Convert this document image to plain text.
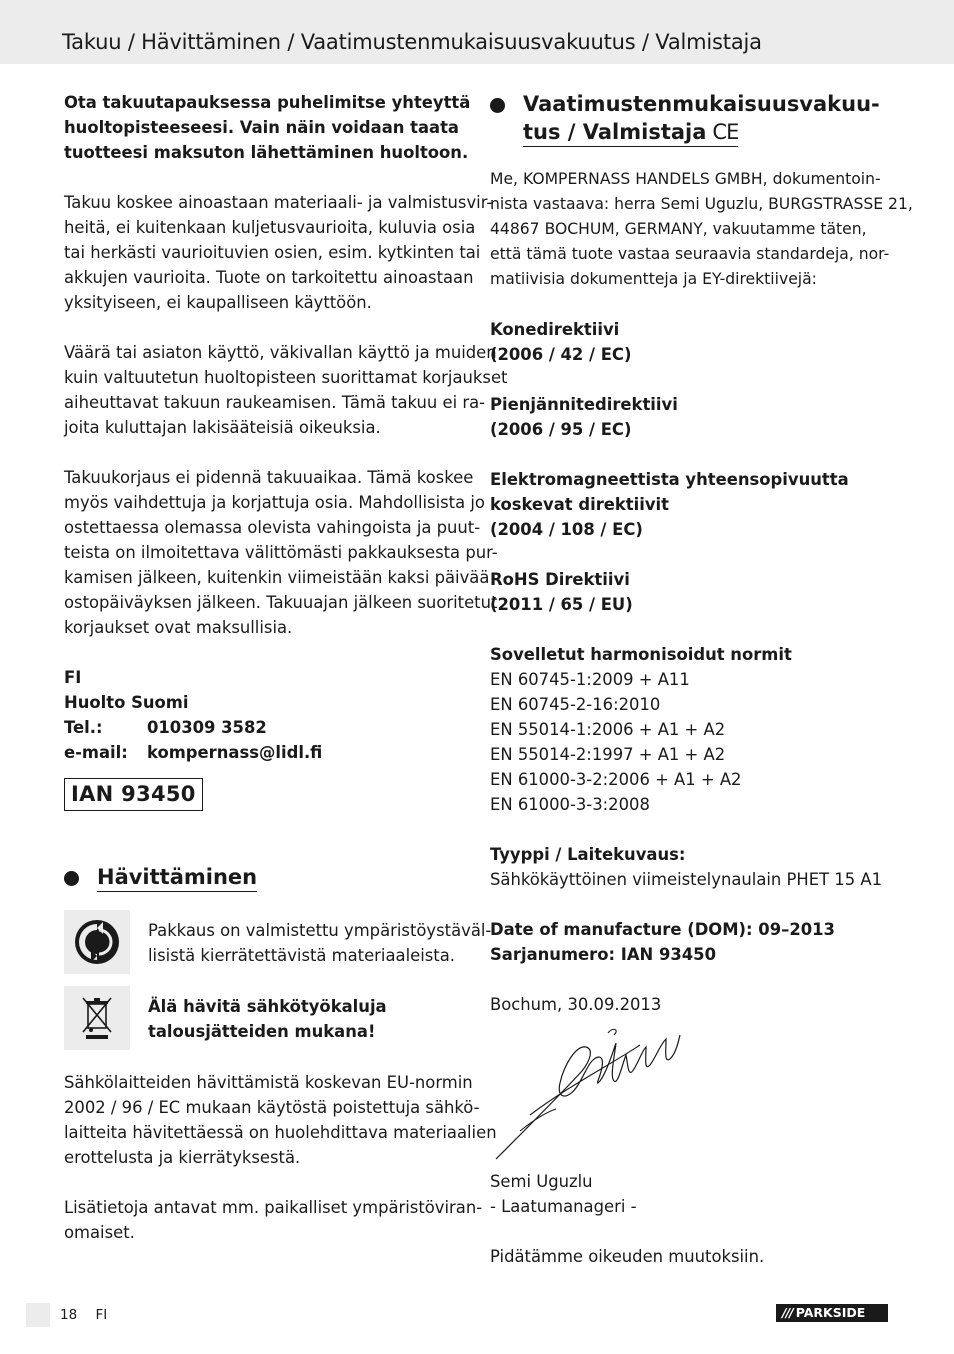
Takuu / Hävittäminen / Vaatimustenmukaisuusvakuutus / Valmistaja
Ota takuutapauksessa puhelimitse yhteyttä
huoltopisteeseesi. Vain näin voidaan taata
tuotteesi maksuton lähettäminen huoltoon.
Takuu koskee ainoastaan materiaali- ja valmistusvir-
heitä, ei kuitenkaan kuljetusvaurioita, kuluvia osia
tai herkästi vaurioituvien osien, esim. kytkinten tai
akkujen vaurioita. Tuote on tarkoitettu ainoastaan
yksityiseen, ei kaupalliseen käyttöön.
Väärä tai asiaton käyttö, väkivallan käyttö ja muiden
kuin valtuutetun huoltopisteen suorittamat korjaukset
aiheuttavat takuun raukeamisen. Tämä takuu ei ra-
joita kuluttajan lakisääteisiä oikeuksia.
Takuukorjaus ei pidennä takuuaikaa. Tämä koskee
myös vaihdettuja ja korjattuja osia. Mahdollisista jo
ostettaessa olemassa olevista vahingoista ja puut-
teista on ilmoitettava välittömästi pakkauksesta pur-
kamisen jälkeen, kuitenkin viimeistään kaksi päivää
ostopäiväyksen jälkeen. Takuuajan jälkeen suoritetut
korjaukset ovat maksullisia.
FI
Huolto Suomi
Tel.:	010309 3582
e-mail:	kompernass@lidl.fi
IAN 93450
Hävittäminen
Pakkaus on valmistettu ympäristöystäväl-
lisistä kierrätettävistä materiaaleista.
Älä hävitä sähkötyökaluja
talousjätteiden mukana!
Sähkölaitteiden hävittämistä koskevan EU-normin
2002 / 96 / EC mukaan käytöstä poistettuja sähkö-
laitteita hävitettäessä on huolehdittava materiaalien
erottelusta ja kierrätyksestä.
Lisätietoja antavat mm. paikalliset ympäristöviran-
omaiset.
Vaatimustenmukaisuusvakuu-
tus / Valmistaja CE
Me, KOMPERNASS HANDELS GMBH, dokumentoin-
nista vastaava: herra Semi Uguzlu, BURGSTRASSE 21,
44867 BOCHUM, GERMANY, vakuutamme täten,
että tämä tuote vastaa seuraavia standardeja, nor-
matiivisia dokumentteja ja EY-direktiivejä:
Konedirektiivi
(2006 / 42 / EC)
Pienjännitedirektiivi
(2006 / 95 / EC)
Elektromagneettista yhteensopivuutta
koskevat direktiivit
(2004 / 108 / EC)
RoHS Direktiivi
(2011 / 65 / EU)
Sovelletut harmonisoidut normit
EN 60745-1:2009 + A11
EN 60745-2-16:2010
EN 55014-1:2006 + A1 + A2
EN 55014-2:1997 + A1 + A2
EN 61000-3-2:2006 + A1 + A2
EN 61000-3-3:2008
Tyyppi / Laitekuvaus:
Sähkökäyttöinen viimeistelynaulain PHET 15 A1
Date of manufacture (DOM): 09–2013
Sarjanumero: IAN 93450
Bochum, 30.09.2013
Semi Uguzlu
- Laatumanageri -
Pidätämme oikeuden muutoksiin.
18 FI	/// PARKSIDE
